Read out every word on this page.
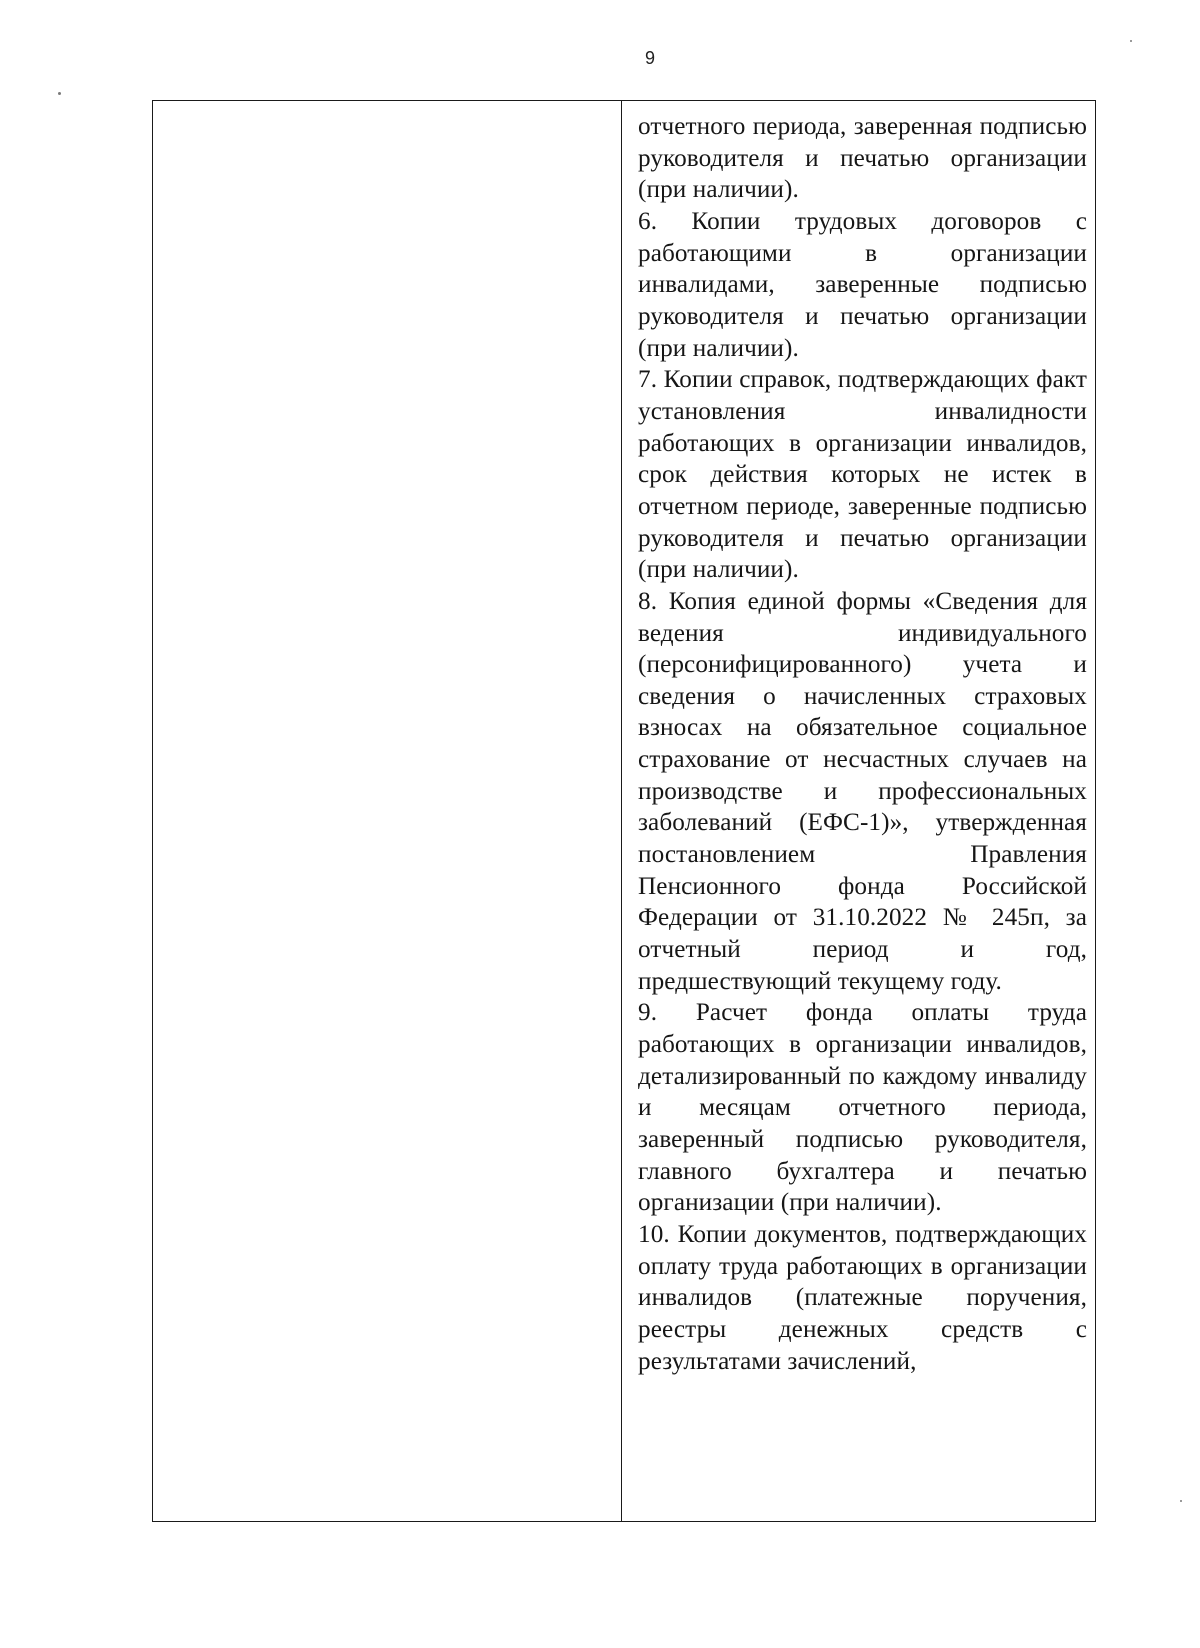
9

отчетного периода, заверенная подписью руководителя и печатью организации (при наличии).

6. Копии трудовых договоров с работающими в организации инвалидами, заверенные подписью руководителя и печатью организации (при наличии).

7. Копии справок, подтверждающих факт установления инвалидности работающих в организации инвалидов, срок действия которых не истек в отчетном периоде, заверенные подписью руководителя и печатью организации (при наличии).

8. Копия единой формы «Сведения для ведения индивидуального (персонифицированного) учета и сведения о начисленных страховых взносах на обязательное социальное страхование от несчастных случаев на производстве и профессиональных заболеваний (ЕФС-1)», утвержденная постановлением Правления Пенсионного фонда Российской Федерации от 31.10.2022 № 245п, за отчетный период и год, предшествующий текущему году.

9. Расчет фонда оплаты труда работающих в организации инвалидов, детализированный по каждому инвалиду и месяцам отчетного периода, заверенный подписью руководителя, главного бухгалтера и печатью организации (при наличии).

10. Копии документов, подтверждающих оплату труда работающих в организации инвалидов (платежные поручения, реестры денежных средств с результатами зачислений,
